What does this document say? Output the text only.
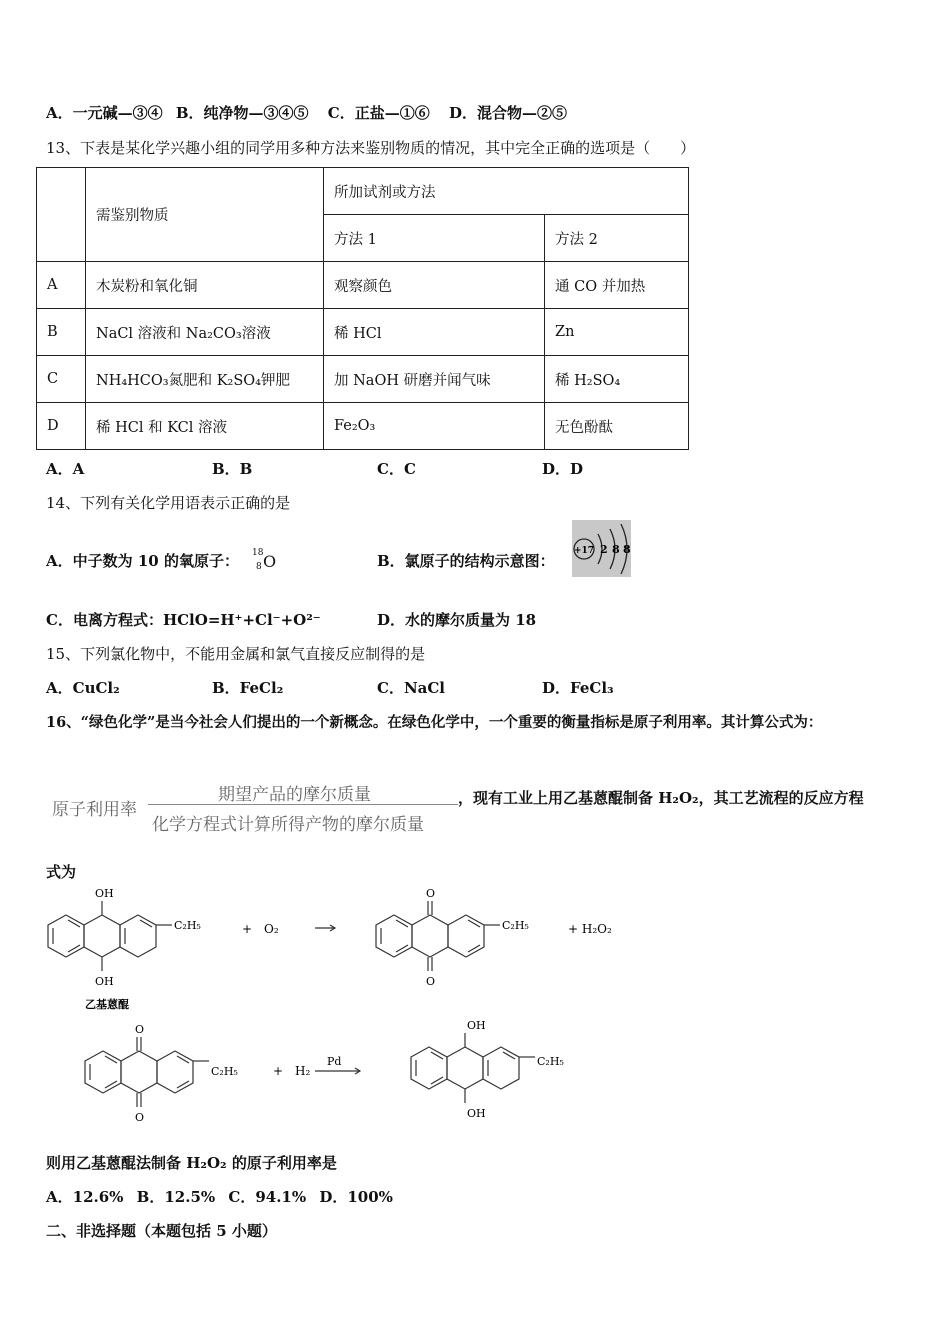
A．一元碱—③④ B．纯净物—③④⑤ C．正盐—①⑥ D．混合物—②⑤
13、下表是某化学兴趣小组的同学用多种方法来鉴别物质的情况，其中完全正确的选项是（　　）
	需鉴别物质	所加试剂或方法	
		方法 1	方法 2
A	木炭粉和氧化铜	观察颜色	通 CO 并加热
B	NaCl 溶液和 Na₂CO₃溶液	稀 HCl	Zn
C	NH₄HCO₃氮肥和 K₂SO₄钾肥	加 NaOH 研磨并闻气味	稀 H₂SO₄
D	稀 HCl 和 KCl 溶液	Fe₂O₃	无色酚酞
A．A	B．B	C．C	D．D
14、下列有关化学用语表示正确的是
A．中子数为 10 的氧原子： 18
8 O	B．氯原子的结构示意图：
+17 2 8 8
C．电离方程式：HClO=H⁺+Cl⁻+O²⁻	D．水的摩尔质量为 18
15、下列氯化物中，不能用金属和氯气直接反应制得的是
A．CuCl₂	B．FeCl₂	C．NaCl	D．FeCl₃
16、“绿色化学”是当今社会人们提出的一个新概念。在绿色化学中，一个重要的衡量指标是原子利用率。其计算公式为：
原子利用率
期望产品的摩尔质量
化学方程式计算所得产物的摩尔质量
，现有工业上用乙基蒽醌制备 H₂O₂，其工艺流程的反应方程
式为
OH
OH
C₂H₅
乙基蒽醌
+　O₂
O
O
C₂H₅	+ H₂O₂
O
O
C₂H₅	+　H₂
Pd
OH
OH
C₂H₅
则用乙基蒽醌法制备 H₂O₂ 的原子利用率是
A．12.6% B．12.5% C．94.1% D．100%
二、非选择题（本题包括 5 小题）
